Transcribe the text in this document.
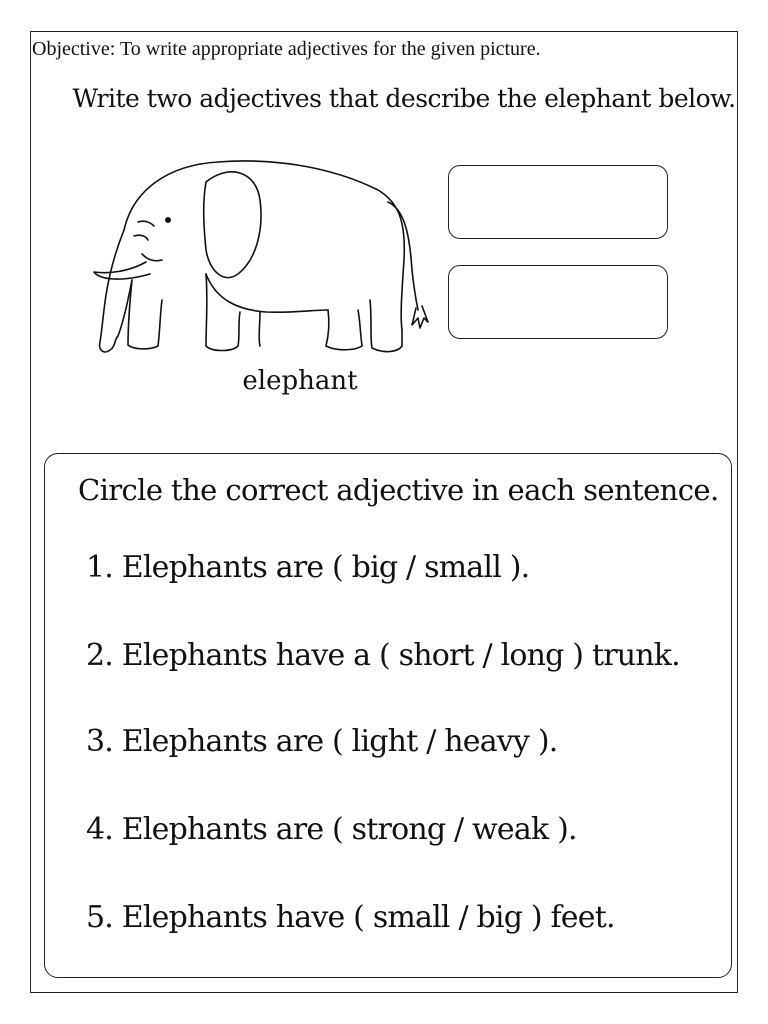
Objective: To write appropriate adjectives for the given picture.
Write two adjectives that describe the elephant below.
elephant
Circle the correct adjective in each sentence.
1. Elephants are ( big / small ).
2. Elephants have a ( short / long ) trunk.
3. Elephants are ( light / heavy ).
4. Elephants are ( strong / weak ).
5. Elephants have ( small / big ) feet.
